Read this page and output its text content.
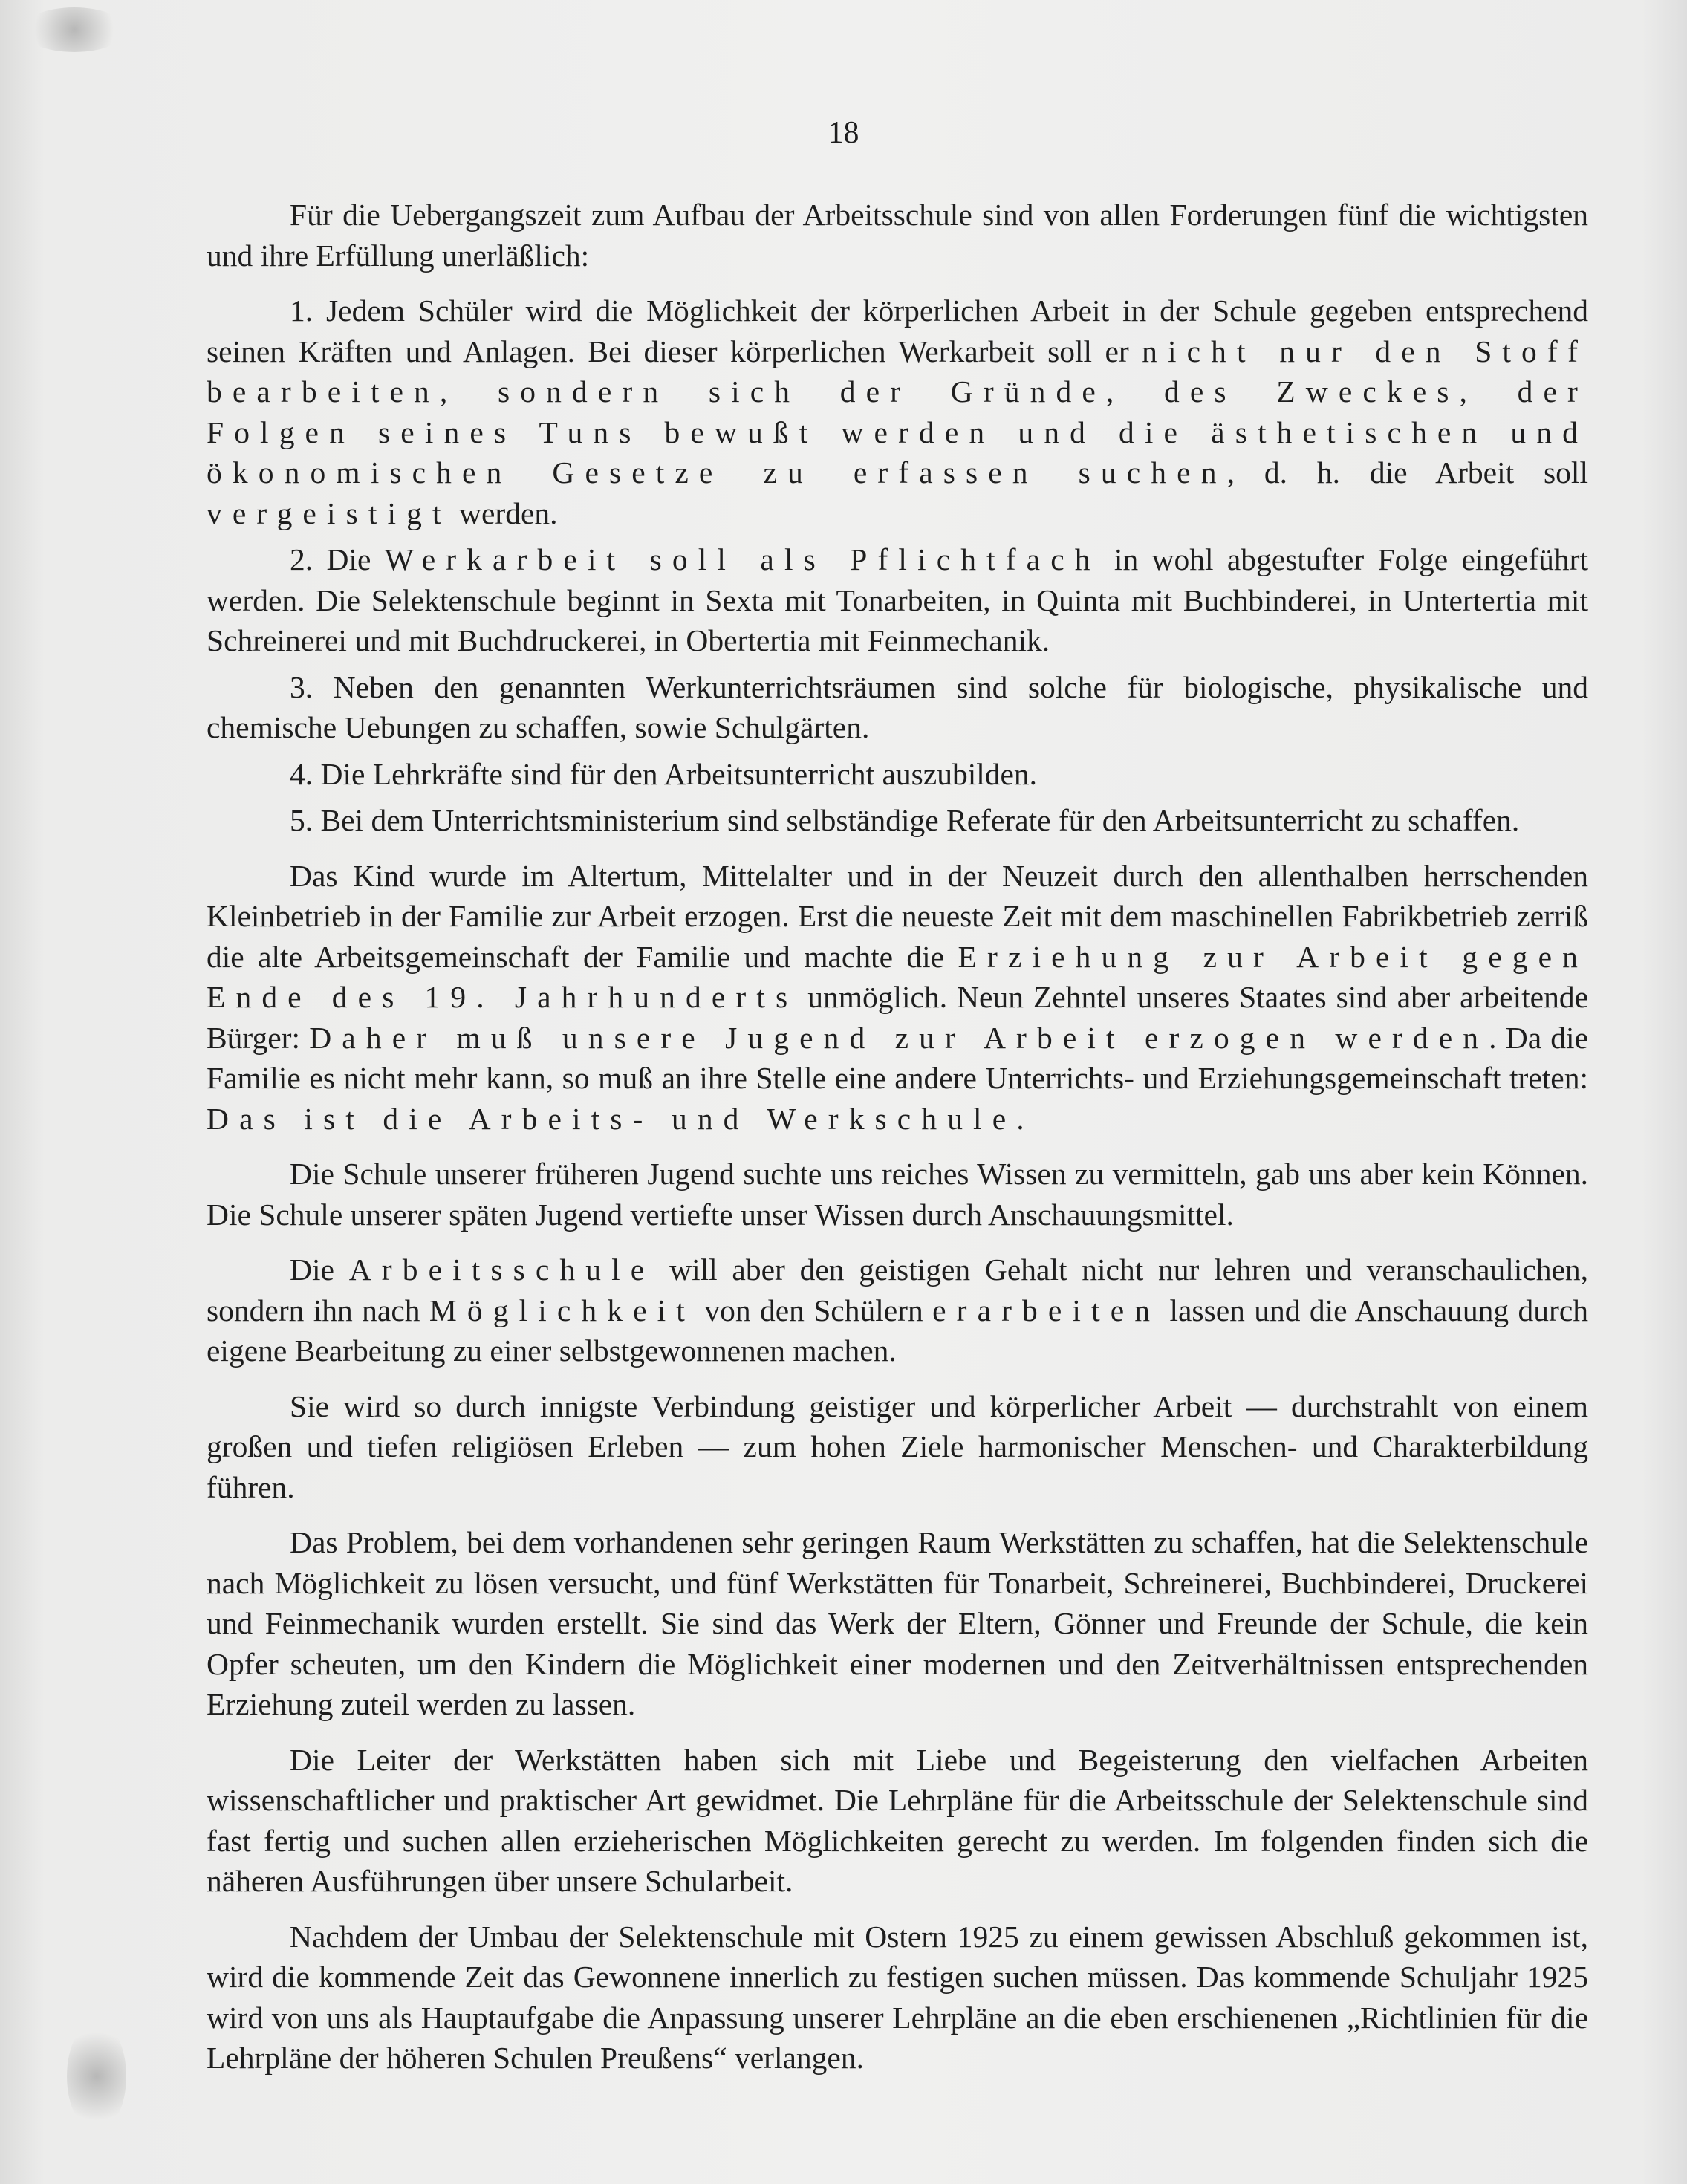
18

Für die Uebergangszeit zum Aufbau der Arbeitsschule sind von allen Forderungen fünf die wichtigsten und ihre Erfüllung unerläßlich:

1. Jedem Schüler wird die Möglichkeit der körperlichen Arbeit in der Schule gegeben entsprechend seinen Kräften und Anlagen. Bei dieser körperlichen Werkarbeit soll er nicht nur den Stoff bearbeiten, sondern sich der Gründe, des Zweckes, der Folgen seines Tuns bewußt werden und die ästhetischen und ökonomischen Gesetze zu erfassen suchen, d. h. die Arbeit soll vergeistigt werden.

2. Die Werkarbeit soll als Pflichtfach in wohl abgestufter Folge eingeführt werden. Die Selektenschule beginnt in Sexta mit Tonarbeiten, in Quinta mit Buchbinderei, in Untertertia mit Schreinerei und mit Buchdruckerei, in Obertertia mit Feinmechanik.

3. Neben den genannten Werkunterrichtsräumen sind solche für biologische, physikalische und chemische Uebungen zu schaffen, sowie Schulgärten.

4. Die Lehrkräfte sind für den Arbeitsunterricht auszubilden.

5. Bei dem Unterrichtsministerium sind selbständige Referate für den Arbeitsunterricht zu schaffen.

Das Kind wurde im Altertum, Mittelalter und in der Neuzeit durch den allenthalben herrschenden Kleinbetrieb in der Familie zur Arbeit erzogen. Erst die neueste Zeit mit dem maschinellen Fabrikbetrieb zerriß die alte Arbeitsgemeinschaft der Familie und machte die Erziehung zur Arbeit gegen Ende des 19. Jahrhunderts unmöglich. Neun Zehntel unseres Staates sind aber arbeitende Bürger: Daher muß unsere Jugend zur Arbeit erzogen werden. Da die Familie es nicht mehr kann, so muß an ihre Stelle eine andere Unterrichts- und Erziehungsgemeinschaft treten: Das ist die Arbeits- und Werkschule.

Die Schule unserer früheren Jugend suchte uns reiches Wissen zu vermitteln, gab uns aber kein Können. Die Schule unserer späten Jugend vertiefte unser Wissen durch Anschauungsmittel.

Die Arbeitsschule will aber den geistigen Gehalt nicht nur lehren und veranschaulichen, sondern ihn nach Möglichkeit von den Schülern erarbeiten lassen und die Anschauung durch eigene Bearbeitung zu einer selbstgewonnenen machen.

Sie wird so durch innigste Verbindung geistiger und körperlicher Arbeit — durchstrahlt von einem großen und tiefen religiösen Erleben — zum hohen Ziele harmonischer Menschen- und Charakterbildung führen.

Das Problem, bei dem vorhandenen sehr geringen Raum Werkstätten zu schaffen, hat die Selektenschule nach Möglichkeit zu lösen versucht, und fünf Werkstätten für Tonarbeit, Schreinerei, Buchbinderei, Druckerei und Feinmechanik wurden erstellt. Sie sind das Werk der Eltern, Gönner und Freunde der Schule, die kein Opfer scheuten, um den Kindern die Möglichkeit einer modernen und den Zeitverhältnissen entsprechenden Erziehung zuteil werden zu lassen.

Die Leiter der Werkstätten haben sich mit Liebe und Begeisterung den vielfachen Arbeiten wissenschaftlicher und praktischer Art gewidmet. Die Lehrpläne für die Arbeitsschule der Selektenschule sind fast fertig und suchen allen erzieherischen Möglichkeiten gerecht zu werden. Im folgenden finden sich die näheren Ausführungen über unsere Schularbeit.

Nachdem der Umbau der Selektenschule mit Ostern 1925 zu einem gewissen Abschluß gekommen ist, wird die kommende Zeit das Gewonnene innerlich zu festigen suchen müssen. Das kommende Schuljahr 1925 wird von uns als Hauptaufgabe die Anpassung unserer Lehrpläne an die eben erschienenen „Richtlinien für die Lehrpläne der höheren Schulen Preußens“ verlangen.
